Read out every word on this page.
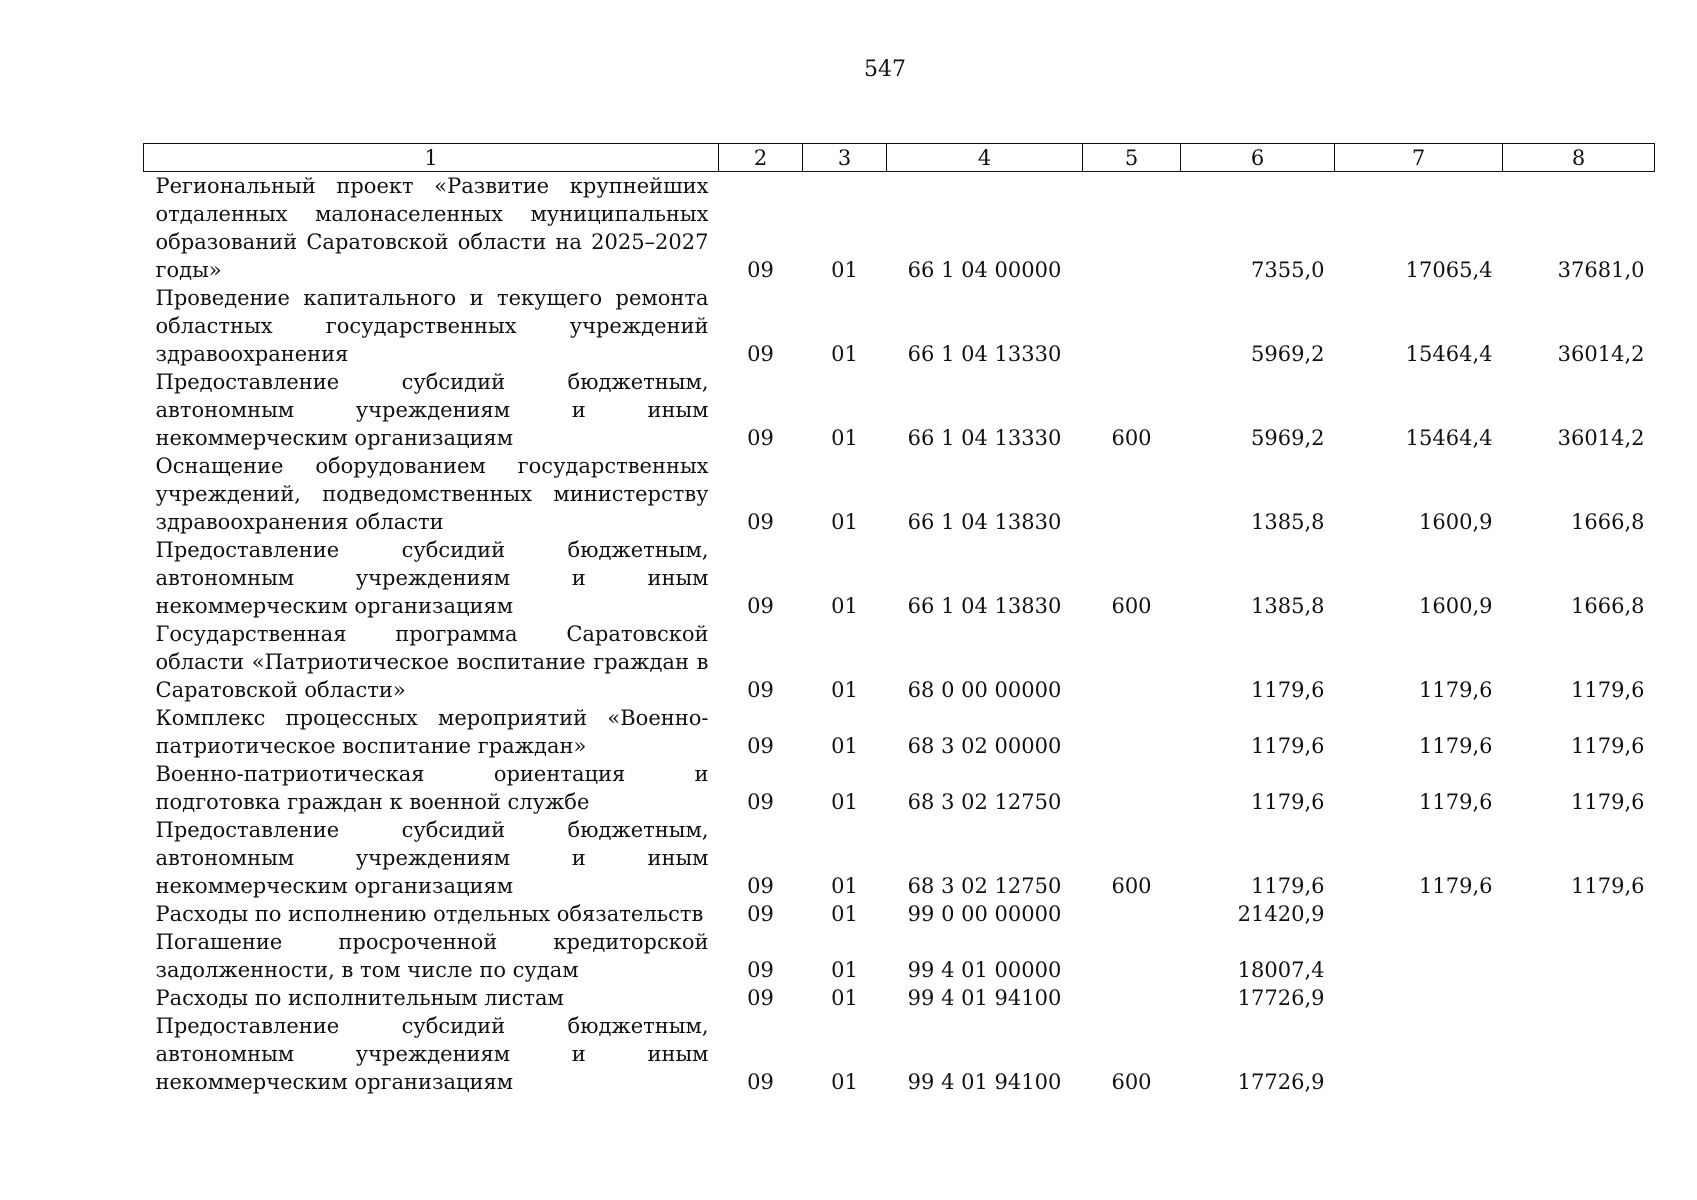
547
1	2	3	4	5	6	7	8
Региональный проект «Развитие крупнейших отдаленных малонаселенных муниципальных образований Саратовской области на 2025–2027 годы»	09	01	66 1 04 00000		7355,0	17065,4	37681,0
Проведение капитального и текущего ремонта областных государственных учреждений здравоохранения	09	01	66 1 04 13330		5969,2	15464,4	36014,2
Предоставление субсидий бюджетным, автономным учреждениям и иным некоммерческим организациям	09	01	66 1 04 13330	600	5969,2	15464,4	36014,2
Оснащение оборудованием государственных учреждений, подведомственных министерству здравоохранения области	09	01	66 1 04 13830		1385,8	1600,9	1666,8
Предоставление субсидий бюджетным, автономным учреждениям и иным некоммерческим организациям	09	01	66 1 04 13830	600	1385,8	1600,9	1666,8
Государственная программа Саратовской области «Патриотическое воспитание граждан в Саратовской области»	09	01	68 0 00 00000		1179,6	1179,6	1179,6
Комплекс процессных мероприятий «Военно-патриотическое воспитание граждан»	09	01	68 3 02 00000		1179,6	1179,6	1179,6
Военно-патриотическая ориентация и подготовка граждан к военной службе	09	01	68 3 02 12750		1179,6	1179,6	1179,6
Предоставление субсидий бюджетным, автономным учреждениям и иным некоммерческим организациям	09	01	68 3 02 12750	600	1179,6	1179,6	1179,6
Расходы по исполнению отдельных обязательств	09	01	99 0 00 00000		21420,9		
Погашение просроченной кредиторской задолженности, в том числе по судам	09	01	99 4 01 00000		18007,4		
Расходы по исполнительным листам	09	01	99 4 01 94100		17726,9		
Предоставление субсидий бюджетным, автономным учреждениям и иным некоммерческим организациям	09	01	99 4 01 94100	600	17726,9		
